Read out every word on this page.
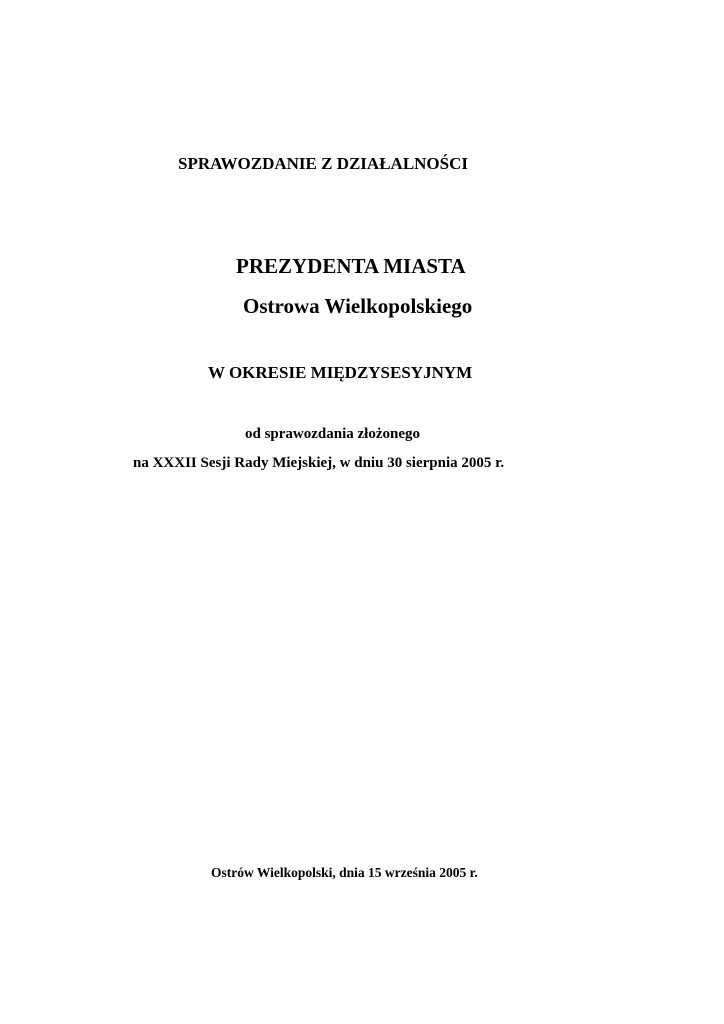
SPRAWOZDANIE Z DZIAŁALNOŚCI
PREZYDENTA MIASTA
Ostrowa Wielkopolskiego
W OKRESIE MIĘDZYSESYJNYM
od sprawozdania złożonego
na XXXII Sesji Rady Miejskiej, w dniu 30 sierpnia 2005 r.
Ostrów Wielkopolski, dnia 15 września 2005 r.
